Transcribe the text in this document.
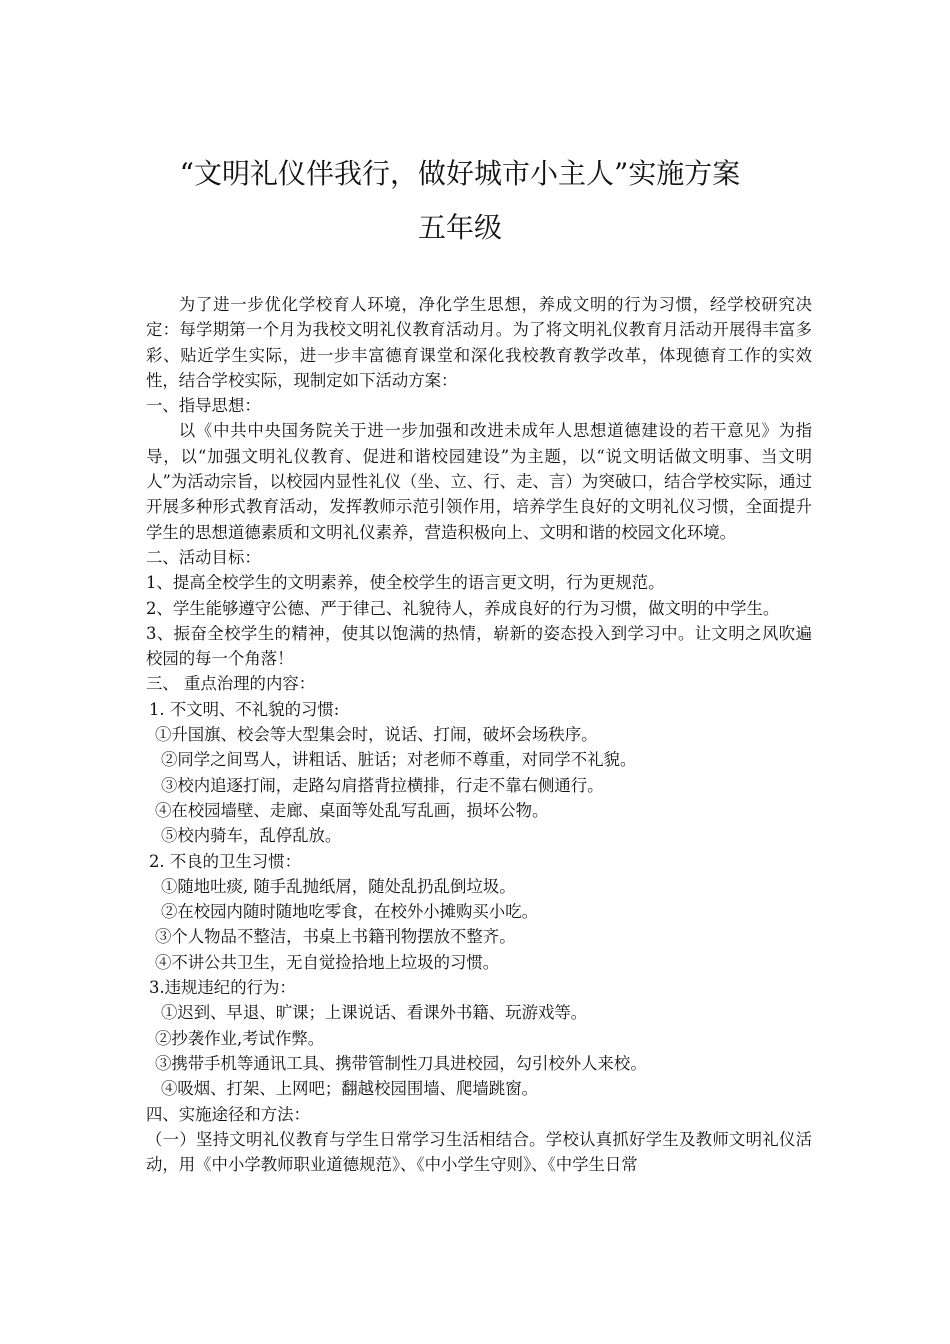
“文明礼仪伴我行，做好城市小主人”实施方案
五年级

为了进一步优化学校育人环境，净化学生思想，养成文明的行为习惯，经学校研究决定：每学期第一个月为我校文明礼仪教育活动月。为了将文明礼仪教育月活动开展得丰富多彩、贴近学生实际，进一步丰富德育课堂和深化我校教育教学改革，体现德育工作的实效性，结合学校实际，现制定如下活动方案：

一、指导思想：

以《中共中央国务院关于进一步加强和改进未成年人思想道德建设的若干意见》为指导，以“加强文明礼仪教育、促进和谐校园建设”为主题，以“说文明话做文明事、当文明人”为活动宗旨，以校园内显性礼仪（坐、立、行、走、言）为突破口，结合学校实际，通过开展多种形式教育活动，发挥教师示范引领作用，培养学生良好的文明礼仪习惯，全面提升学生的思想道德素质和文明礼仪素养，营造积极向上、文明和谐的校园文化环境。

二、活动目标：

1、提高全校学生的文明素养，使全校学生的语言更文明，行为更规范。

2、学生能够遵守公德、严于律己、礼貌待人，养成良好的行为习惯，做文明的中学生。

3、振奋全校学生的精神，使其以饱满的热情，崭新的姿态投入到学习中。让文明之风吹遍校园的每一个角落！

三、 重点治理的内容：

1. 不文明、不礼貌的习惯:

①升国旗、校会等大型集会时，说话、打闹，破坏会场秩序。

②同学之间骂人，讲粗话、脏话；对老师不尊重，对同学不礼貌。

③校内追逐打闹，走路勾肩搭背拉横排，行走不靠右侧通行。

④在校园墙壁、走廊、桌面等处乱写乱画，损坏公物。

⑤校内骑车，乱停乱放。

2. 不良的卫生习惯：

①随地吐痰, 随手乱抛纸屑，随处乱扔乱倒垃圾。

②在校园内随时随地吃零食，在校外小摊购买小吃。

③个人物品不整洁，书桌上书籍刊物摆放不整齐。

④不讲公共卫生，无自觉捡拾地上垃圾的习惯。

3.违规违纪的行为：

①迟到、早退、旷课；上课说话、看课外书籍、玩游戏等。

②抄袭作业,考试作弊。

③携带手机等通讯工具、携带管制性刀具进校园，勾引校外人来校。

④吸烟、打架、上网吧；翻越校园围墙、爬墙跳窗。

四、实施途径和方法：

（一）坚持文明礼仪教育与学生日常学习生活相结合。学校认真抓好学生及教师文明礼仪活动，用《中小学教师职业道德规范》、《中小学生守则》、《中学生日常
